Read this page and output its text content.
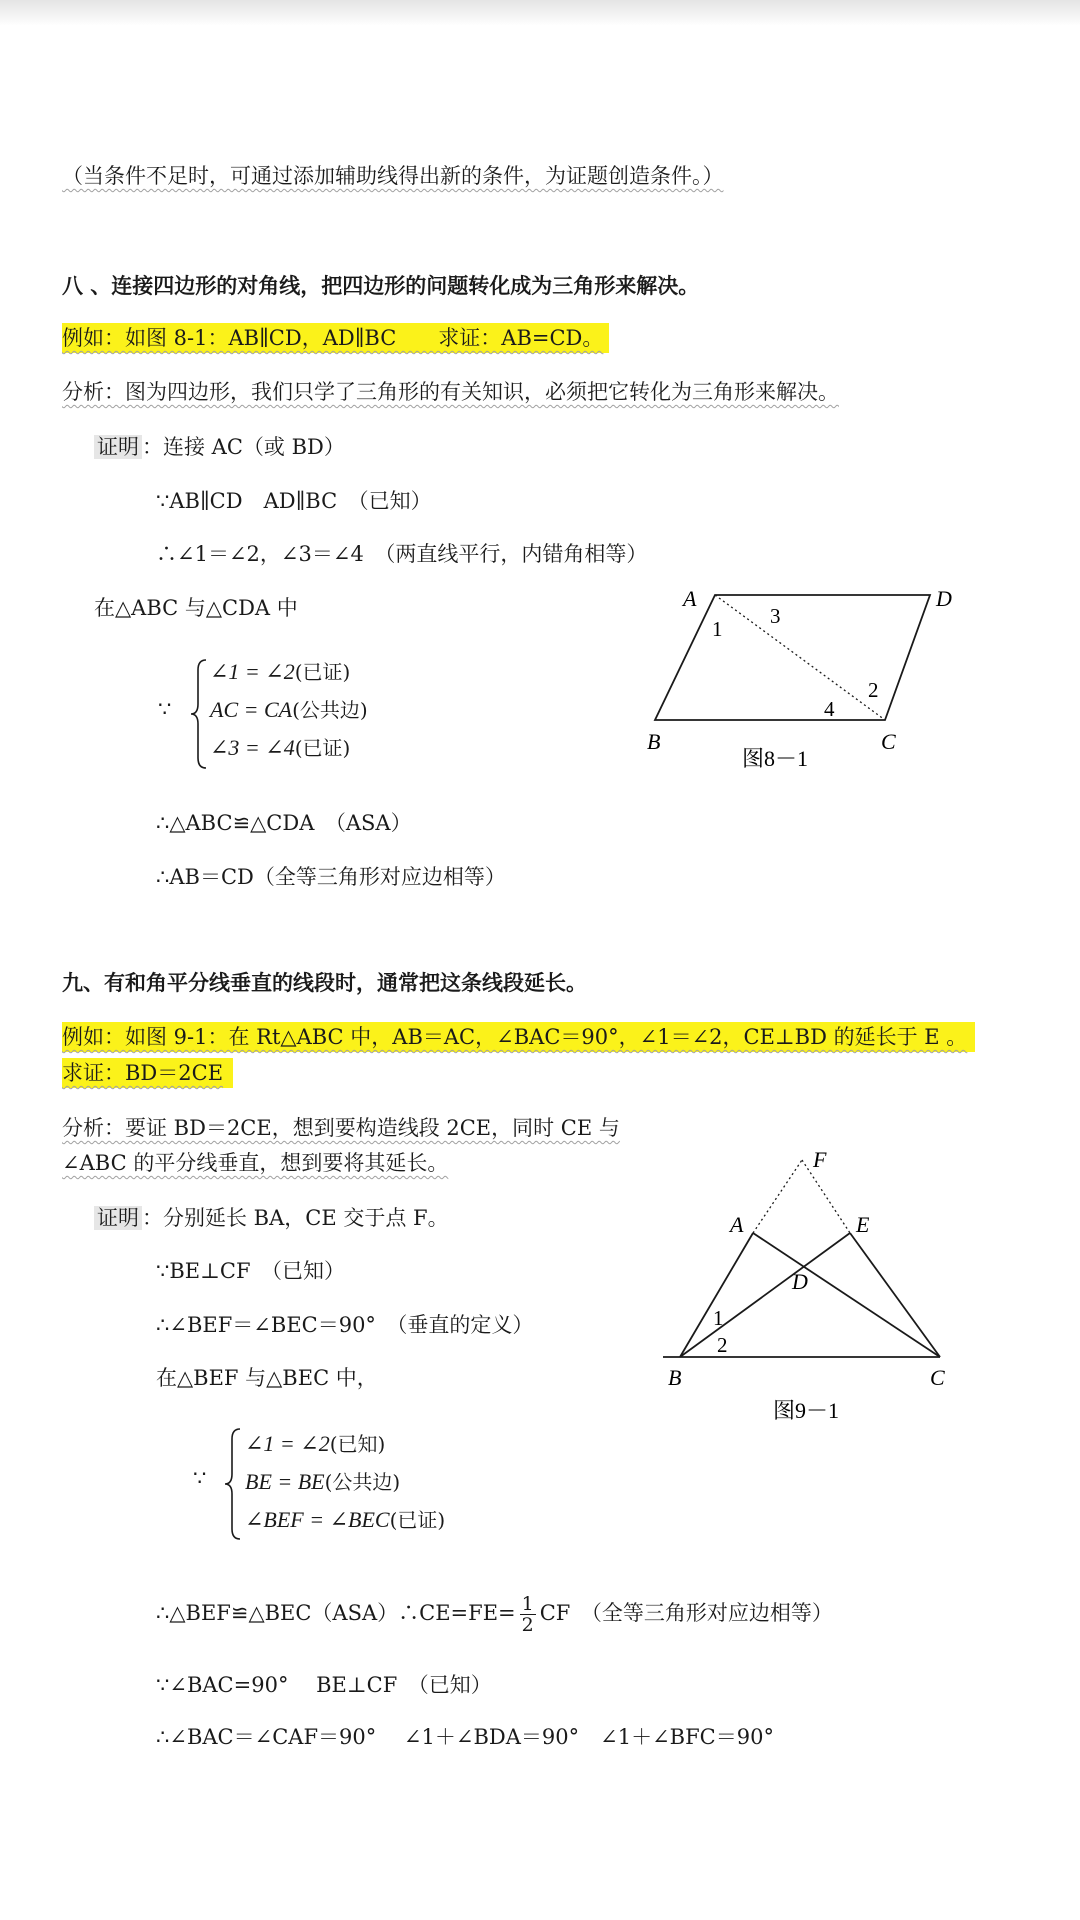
（当条件不足时，可通过添加辅助线得出新的条件，为证题创造条件。）
八 、连接四边形的对角线，把四边形的问题转化成为三角形来解决。
例如：如图 8-1：AB∥CD，AD∥BC　　求证：AB=CD。
分析：图为四边形，我们只学了三角形的有关知识，必须把它转化为三角形来解决。
证明 ：连接 AC（或 BD）
∵AB∥CD　AD∥BC　（已知）
∴∠1＝∠2，∠3＝∠4　（两直线平行，内错角相等）
在△ABC 与△CDA 中
∵
∠1 = ∠2(已证)
AC = CA(公共边)
∠3 = ∠4(已证)
∴△ABC≌△CDA　（ASA）
∴AB＝CD（全等三角形对应边相等）
A	D
B	C
1
3
2
4
图8－1
九、有和角平分线垂直的线段时，通常把这条线段延长。
例如：如图 9-1：在 Rt△ABC 中，AB＝AC，∠BAC＝90°，∠1＝∠2，CE⊥BD 的延长于 E 。
求证：BD＝2CE
分析：要证 BD＝2CE，想到要构造线段 2CE，同时 CE 与
∠ABC 的平分线垂直，想到要将其延长。
证明 ：分别延长 BA，CE 交于点 F。
∵BE⊥CF　（已知）
∴∠BEF＝∠BEC＝90°　（垂直的定义）
在△BEF 与△BEC 中，
∵
∠1 = ∠2(已知)
BE = BE(公共边)
∠BEF = ∠BEC(已证)
∴△BEF≌△BEC（ASA）∴CE=FE= $\frac{1}{2}$ CF　（全等三角形对应边相等）
∵∠BAC=90°　 BE⊥CF　（已知）
∴∠BAC＝∠CAF＝90°　 ∠1＋∠BDA＝90°　∠1＋∠BFC＝90°
F
A	E
D
B	C
1
2
图9－1
